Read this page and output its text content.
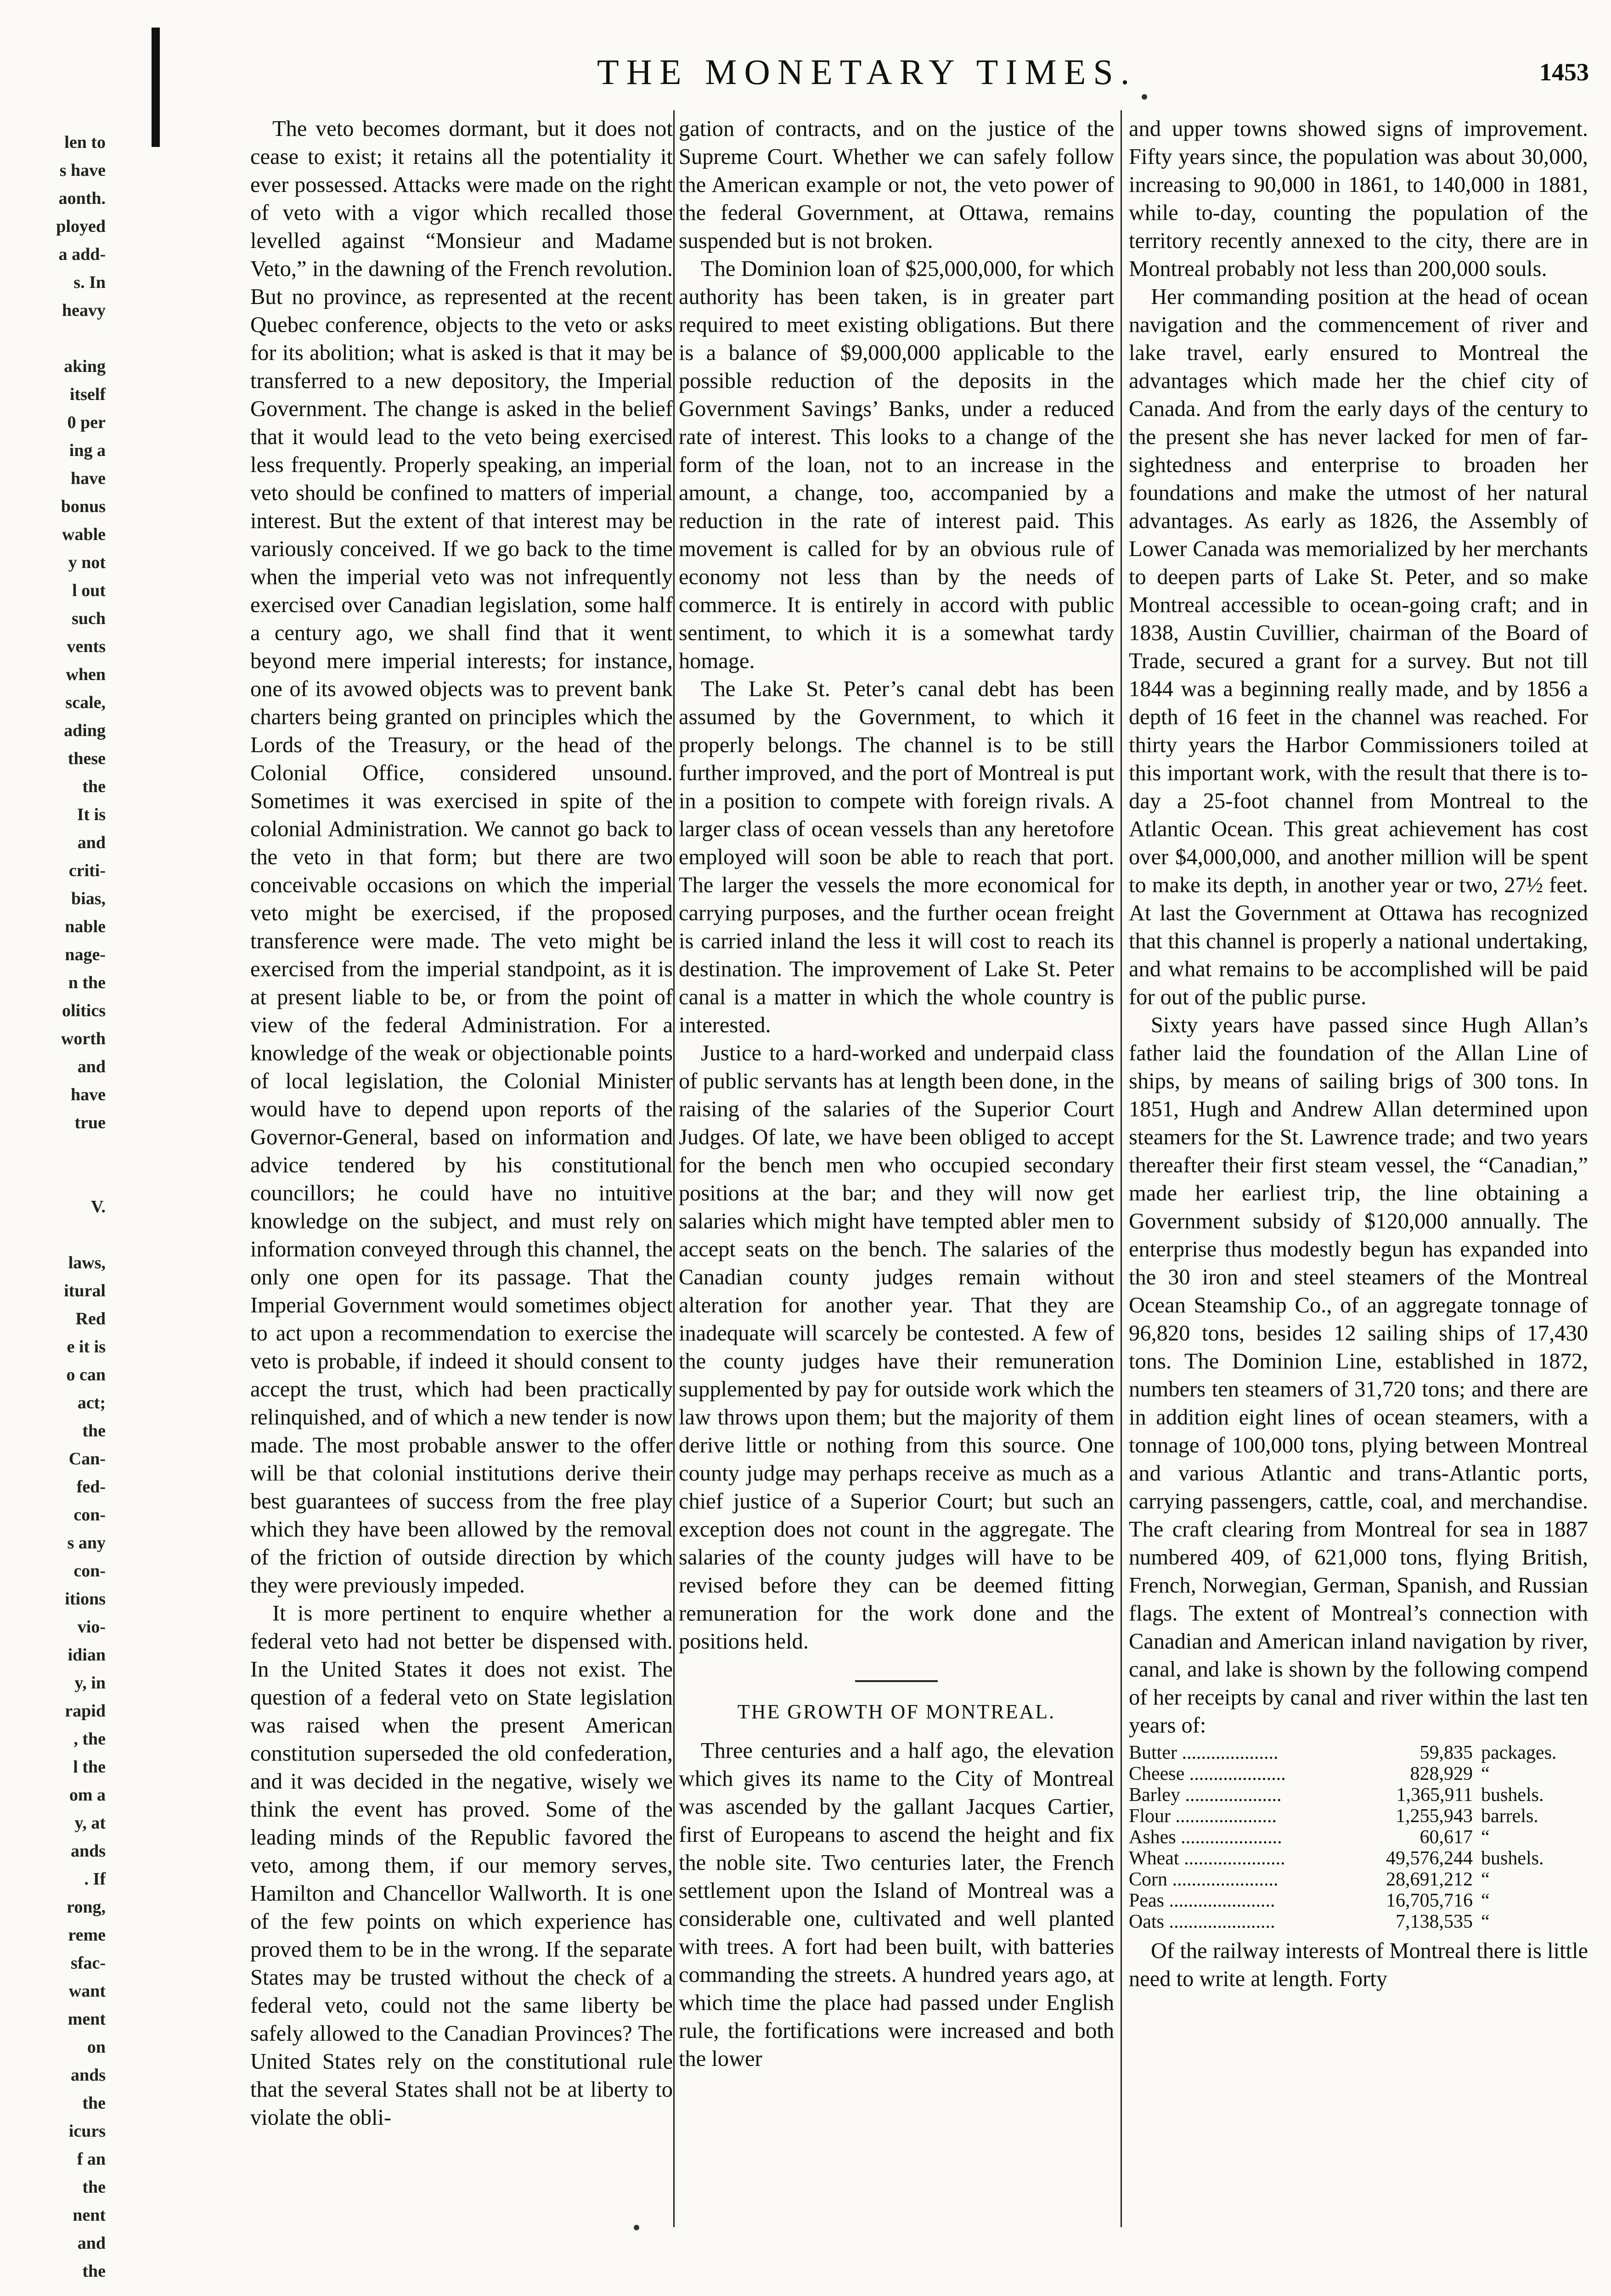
len to
s have
aonth.
ployed
a add-
s. In
heavy
aking
itself
0 per
ing a
have
bonus
wable
y not
l out
such
vents
when
scale,
ading
these
the
It is
and
criti-
bias,
nable
nage-
n the
olitics
worth
and
have
true
V.
laws,
itural
Red
e it is
o can
act;
the
Can-
fed-
con-
s any
con-
itions
vio-
idian
y, in
rapid
, the
l the
om a
y, at
ands
. If
rong,
reme
sfac-
want
ment
on
ands
the
icurs
f an
the
nent
and
the
THE MONETARY TIMES.	1453

The veto becomes dormant, but it does not cease to exist; it retains all the potentiality it ever possessed. Attacks were made on the right of veto with a vigor which recalled those levelled against “Monsieur and Madame Veto,” in the dawning of the French revolution. But no province, as represented at the recent Quebec conference, objects to the veto or asks for its abolition; what is asked is that it may be transferred to a new depository, the Imperial Government. The change is asked in the belief that it would lead to the veto being exercised less frequently. Properly speaking, an imperial veto should be confined to matters of imperial interest. But the extent of that interest may be variously conceived. If we go back to the time when the imperial veto was not infrequently exercised over Canadian legislation, some half a century ago, we shall find that it went beyond mere imperial interests; for instance, one of its avowed objects was to prevent bank charters being granted on principles which the Lords of the Treasury, or the head of the Colonial Office, considered unsound. Sometimes it was exercised in spite of the colonial Administration. We cannot go back to the veto in that form; but there are two conceivable occasions on which the imperial veto might be exercised, if the proposed transference were made. The veto might be exercised from the imperial standpoint, as it is at present liable to be, or from the point of view of the federal Administration. For a knowledge of the weak or objectionable points of local legislation, the Colonial Minister would have to depend upon reports of the Governor-General, based on information and advice tendered by his constitutional councillors; he could have no intuitive knowledge on the subject, and must rely on information conveyed through this channel, the only one open for its passage. That the Imperial Government would sometimes object to act upon a recommendation to exercise the veto is probable, if indeed it should consent to accept the trust, which had been practically relinquished, and of which a new tender is now made. The most probable answer to the offer will be that colonial institutions derive their best guarantees of success from the free play which they have been allowed by the removal of the friction of outside direction by which they were previously impeded.

It is more pertinent to enquire whether a federal veto had not better be dispensed with. In the United States it does not exist. The question of a federal veto on State legislation was raised when the present American constitution superseded the old confederation, and it was decided in the negative, wisely we think the event has proved. Some of the leading minds of the Republic favored the veto, among them, if our memory serves, Hamilton and Chancellor Wallworth. It is one of the few points on which experience has proved them to be in the wrong. If the separate States may be trusted without the check of a federal veto, could not the same liberty be safely allowed to the Canadian Provinces? The United States rely on the constitutional rule that the several States shall not be at liberty to violate the obli-

gation of contracts, and on the justice of the Supreme Court. Whether we can safely follow the American example or not, the veto power of the federal Government, at Ottawa, remains suspended but is not broken.

The Dominion loan of $25,000,000, for which authority has been taken, is in greater part required to meet existing obligations. But there is a balance of $9,000,000 applicable to the possible reduction of the deposits in the Government Savings’ Banks, under a reduced rate of interest. This looks to a change of the form of the loan, not to an increase in the amount, a change, too, accompanied by a reduction in the rate of interest paid. This movement is called for by an obvious rule of economy not less than by the needs of commerce. It is entirely in accord with public sentiment, to which it is a somewhat tardy homage.

The Lake St. Peter’s canal debt has been assumed by the Government, to which it properly belongs. The channel is to be still further improved, and the port of Montreal is put in a position to compete with foreign rivals. A larger class of ocean vessels than any heretofore employed will soon be able to reach that port. The larger the vessels the more economical for carrying purposes, and the further ocean freight is carried inland the less it will cost to reach its destination. The improvement of Lake St. Peter canal is a matter in which the whole country is interested.

Justice to a hard-worked and underpaid class of public servants has at length been done, in the raising of the salaries of the Superior Court Judges. Of late, we have been obliged to accept for the bench men who occupied secondary positions at the bar; and they will now get salaries which might have tempted abler men to accept seats on the bench. The salaries of the Canadian county judges remain without alteration for another year. That they are inadequate will scarcely be contested. A few of the county judges have their remuneration supplemented by pay for outside work which the law throws upon them; but the majority of them derive little or nothing from this source. One county judge may perhaps receive as much as a chief justice of a Superior Court; but such an exception does not count in the aggregate. The salaries of the county judges will have to be revised before they can be deemed fitting remuneration for the work done and the positions held.

THE GROWTH OF MONTREAL.

Three centuries and a half ago, the elevation which gives its name to the City of Montreal was ascended by the gallant Jacques Cartier, first of Europeans to ascend the height and fix the noble site. Two centuries later, the French settlement upon the Island of Montreal was a considerable one, cultivated and well planted with trees. A fort had been built, with batteries commanding the streets. A hundred years ago, at which time the place had passed under English rule, the fortifications were increased and both the lower

and upper towns showed signs of improvement. Fifty years since, the population was about 30,000, increasing to 90,000 in 1861, to 140,000 in 1881, while to-day, counting the population of the territory recently annexed to the city, there are in Montreal probably not less than 200,000 souls.

Her commanding position at the head of ocean navigation and the commencement of river and lake travel, early ensured to Montreal the advantages which made her the chief city of Canada. And from the early days of the century to the present she has never lacked for men of far-sightedness and enterprise to broaden her foundations and make the utmost of her natural advantages. As early as 1826, the Assembly of Lower Canada was memorialized by her merchants to deepen parts of Lake St. Peter, and so make Montreal accessible to ocean-going craft; and in 1838, Austin Cuvillier, chairman of the Board of Trade, secured a grant for a survey. But not till 1844 was a beginning really made, and by 1856 a depth of 16 feet in the channel was reached. For thirty years the Harbor Commissioners toiled at this important work, with the result that there is to-day a 25-foot channel from Montreal to the Atlantic Ocean. This great achievement has cost over $4,000,000, and another million will be spent to make its depth, in another year or two, 27½ feet. At last the Government at Ottawa has recognized that this channel is properly a national undertaking, and what remains to be accomplished will be paid for out of the public purse.

Sixty years have passed since Hugh Allan’s father laid the foundation of the Allan Line of ships, by means of sailing brigs of 300 tons. In 1851, Hugh and Andrew Allan determined upon steamers for the St. Lawrence trade; and two years thereafter their first steam vessel, the “Canadian,” made her earliest trip, the line obtaining a Government subsidy of $120,000 annually. The enterprise thus modestly begun has expanded into the 30 iron and steel steamers of the Montreal Ocean Steamship Co., of an aggregate tonnage of 96,820 tons, besides 12 sailing ships of 17,430 tons. The Dominion Line, established in 1872, numbers ten steamers of 31,720 tons; and there are in addition eight lines of ocean steamers, with a tonnage of 100,000 tons, plying between Montreal and various Atlantic and trans-Atlantic ports, carrying passengers, cattle, coal, and merchandise. The craft clearing from Montreal for sea in 1887 numbered 409, of 621,000 tons, flying British, French, Norwegian, German, Spanish, and Russian flags. The extent of Montreal’s connection with Canadian and American inland navigation by river, canal, and lake is shown by the following compend of her receipts by canal and river within the last ten years of:

Butter ....................	59,835	packages.
Cheese ....................	828,929	“
Barley ....................	1,365,911	bushels.
Flour .....................	1,255,943	barrels.
Ashes .....................	60,617	“
Wheat .....................	49,576,244	bushels.
Corn ......................	28,691,212	“
Peas ......................	16,705,716	“
Oats ......................	7,138,535	“

Of the railway interests of Montreal there is little need to write at length. Forty
